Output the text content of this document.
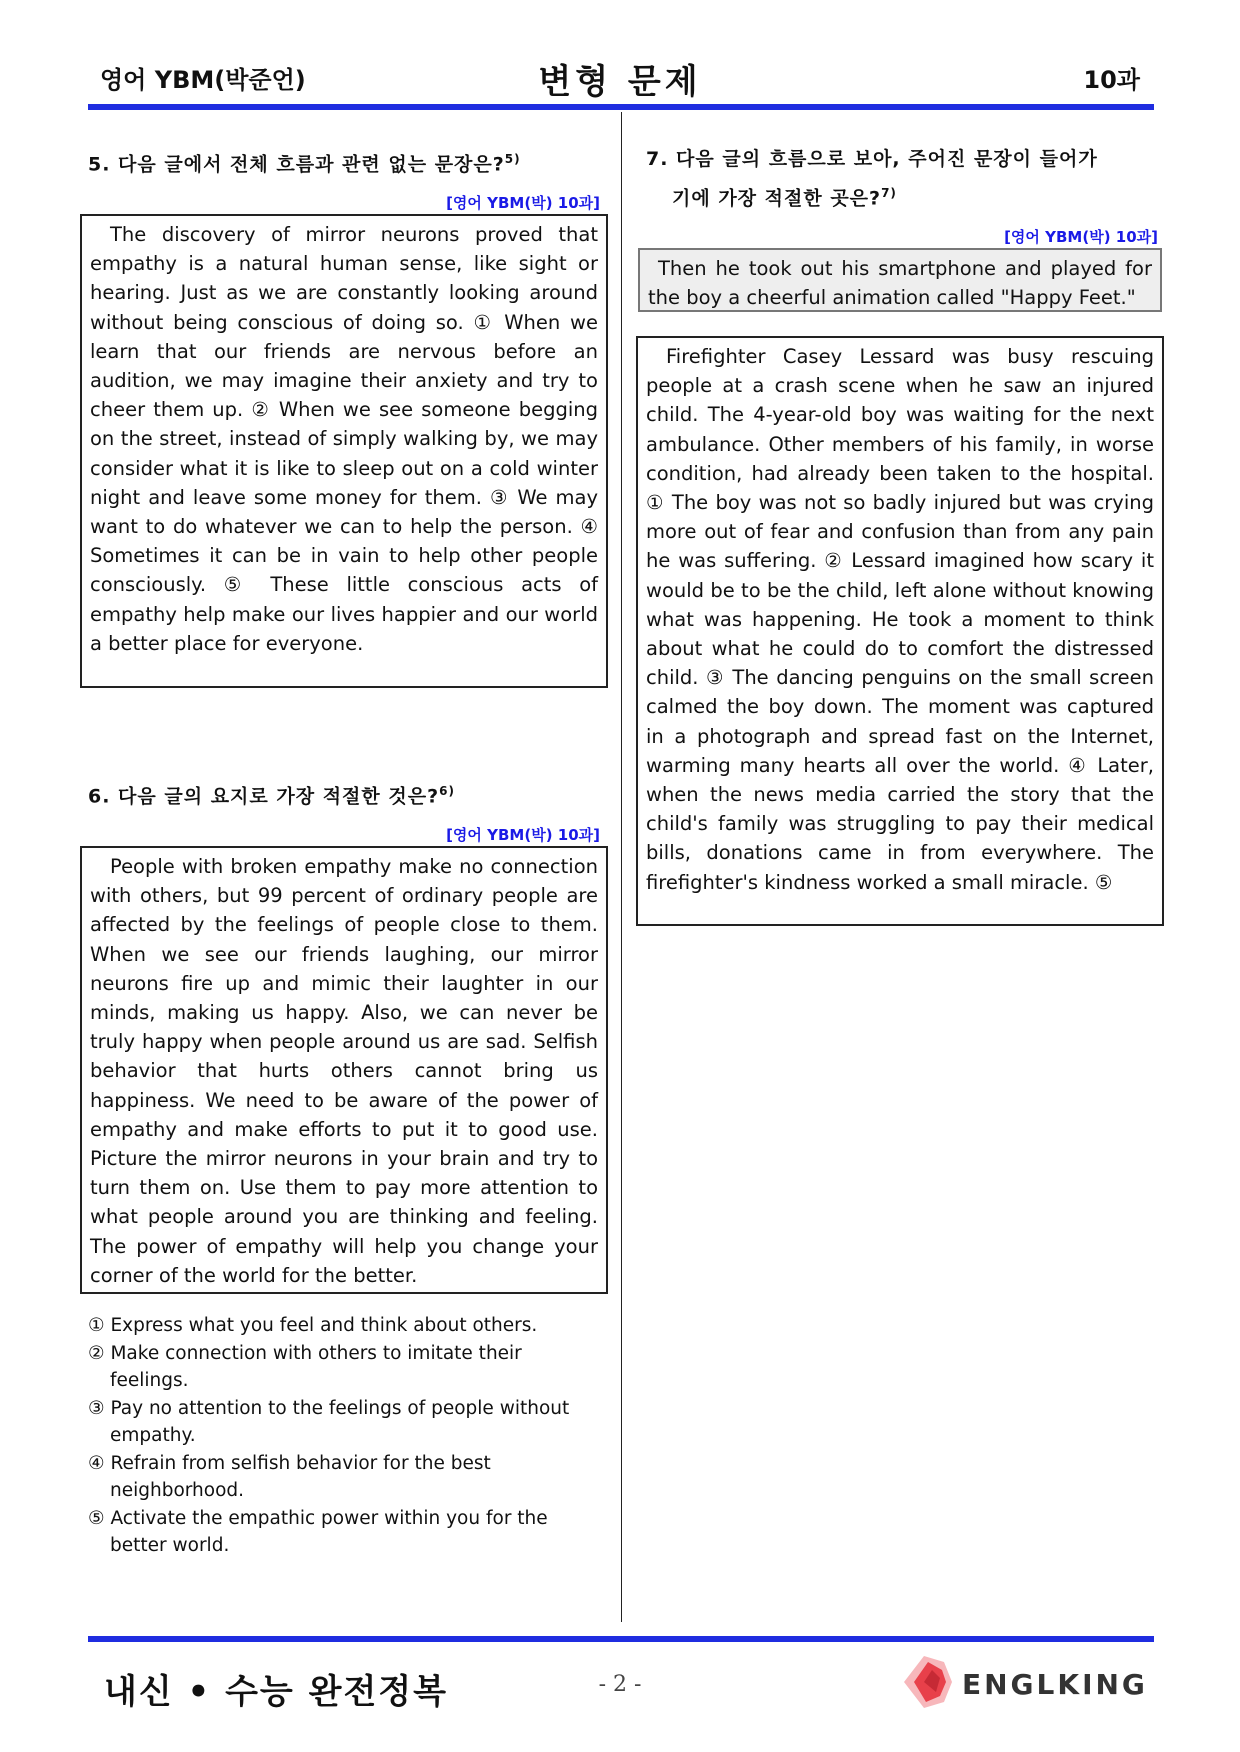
영어 YBM(박준언)	변형 문제	10과
5. 다음 글에서 전체 흐름과 관련 없는 문장은?$^{5)}$
[영어 YBM(박) 10과]
The discovery of mirror neurons proved that empathy is a natural human sense, like sight or hearing. Just as we are constantly looking around without being conscious of doing so. ① When we learn that our friends are nervous before an audition, we may imagine their anxiety and try to cheer them up. ② When we see someone begging on the street, instead of simply walking by, we may consider what it is like to sleep out on a cold winter night and leave some money for them. ③ We may want to do whatever we can to help the person. ④ Sometimes it can be in vain to help other people consciously. ⑤ These little conscious acts of empathy help make our lives happier and our world a better place for everyone.
6. 다음 글의 요지로 가장 적절한 것은?$^{6)}$
[영어 YBM(박) 10과]
People with broken empathy make no connection with others, but 99 percent of ordinary people are affected by the feelings of people close to them. When we see our friends laughing, our mirror neurons fire up and mimic their laughter in our minds, making us happy. Also, we can never be truly happy when people around us are sad. Selfish behavior that hurts others cannot bring us happiness. We need to be aware of the power of empathy and make efforts to put it to good use. Picture the mirror neurons in your brain and try to turn them on. Use them to pay more attention to what people around you are thinking and feeling. The power of empathy will help you change your corner of the world for the better.
① Express what you feel and think about others.
② Make connection with others to imitate their feelings.
③ Pay no attention to the feelings of people without empathy.
④ Refrain from selfish behavior for the best neighborhood.
⑤ Activate the empathic power within you for the better world.
7. 다음 글의 흐름으로 보아, 주어진 문장이 들어가
기에 가장 적절한 곳은?$^{7)}$
[영어 YBM(박) 10과]
Then he took out his smartphone and played for the boy a cheerful animation called "Happy Feet."
Firefighter Casey Lessard was busy rescuing people at a crash scene when he saw an injured child. The 4-year-old boy was waiting for the next ambulance. Other members of his family, in worse condition, had already been taken to the hospital. ① The boy was not so badly injured but was crying more out of fear and confusion than from any pain he was suffering. ② Lessard imagined how scary it would be to be the child, left alone without knowing what was happening. He took a moment to think about what he could do to comfort the distressed child. ③ The dancing penguins on the small screen calmed the boy down. The moment was captured in a photograph and spread fast on the Internet, warming many hearts all over the world. ④ Later, when the news media carried the story that the child's family was struggling to pay their medical bills, donations came in from everywhere. The firefighter's kindness worked a small miracle. ⑤
내신 • 수능 완전정복	- 2 -	ENGLKING
